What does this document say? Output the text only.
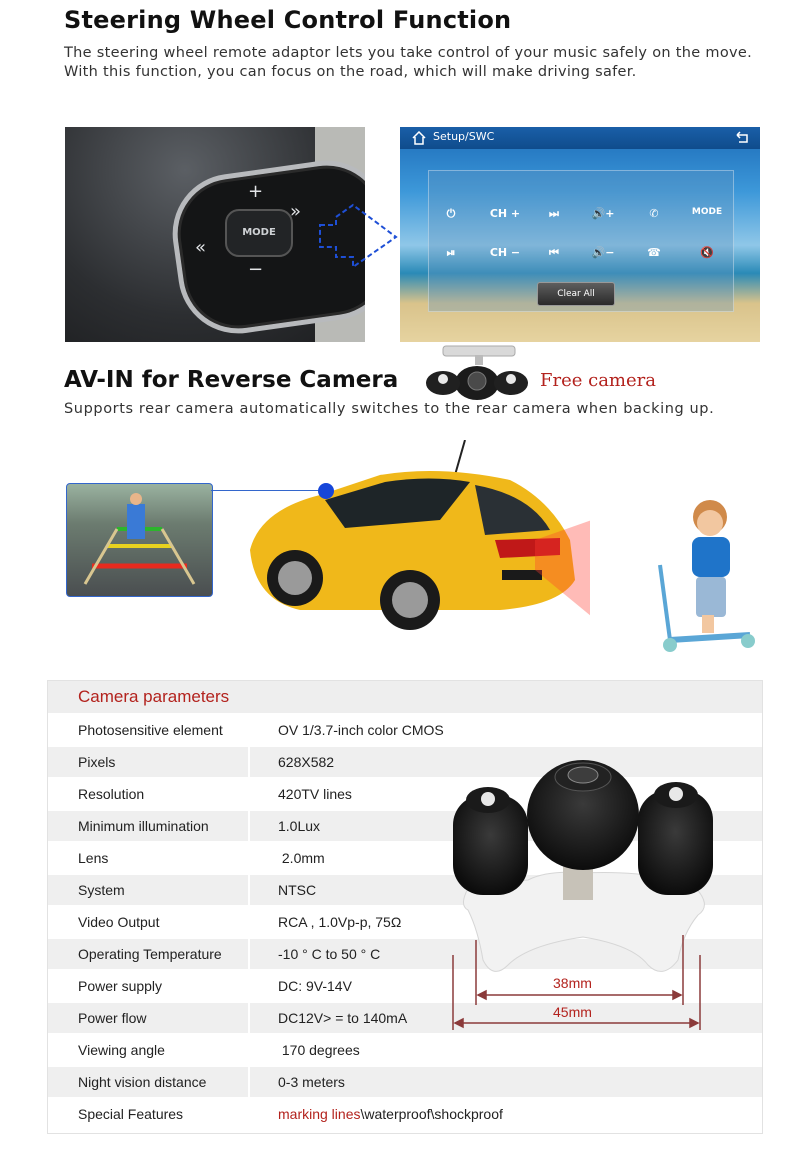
Steering Wheel Control Function
The steering wheel remote adaptor lets you take control of your music safely on the move.
With this function, you can focus on the road, which will make driving safer.
MODE
+
−
»
«
Setup/SWC
⏻	CH +	⏭	🔊+	✆	MODE
⏯	CH −	⏮	🔊−	☎	🔇
Clear All
AV-IN for Reverse Camera	Free camera
Supports rear camera automatically switches to the rear camera when backing up.
Camera parameters
Photosensitive element	OV 1/3.7-inch color CMOS
Pixels	628X582
Resolution	420TV lines
Minimum illumination	1.0Lux
Lens	2.0mm
System	NTSC
Video Output	RCA , 1.0Vp-p, 75Ω
Operating Temperature	-10 ° C to 50 ° C
Power supply	DC: 9V-14V
Power flow	DC12V> = to 140mA
Viewing angle	170 degrees
Night vision distance	0-3 meters
Special Features	marking lines\waterproof\shockproof
38mm
45mm
